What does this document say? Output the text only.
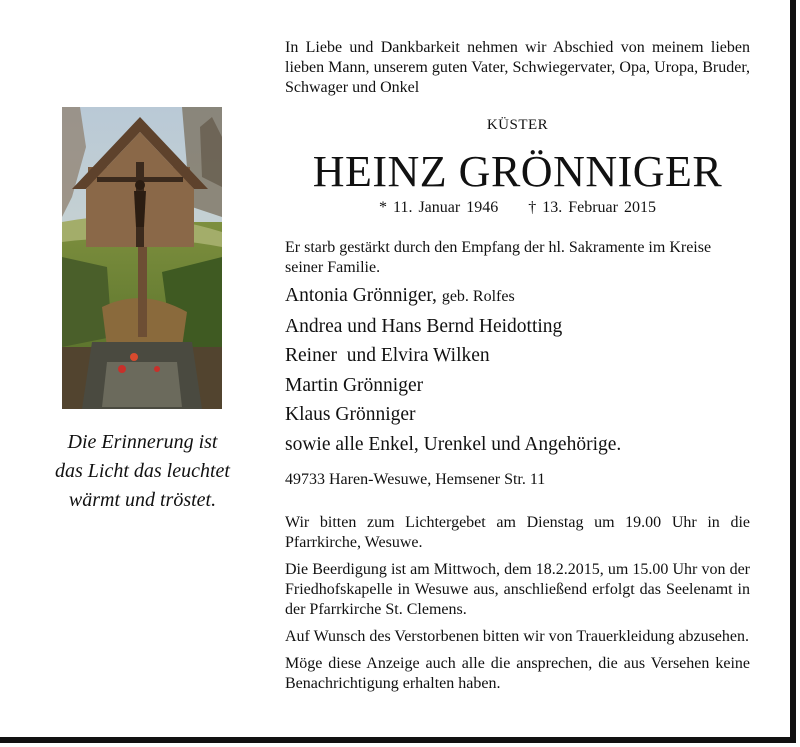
Die Erinnerung ist
das Licht das leuchtet
wärmt und tröstet.
In Liebe und Dankbarkeit nehmen wir Abschied von meinem lieben lieben Mann, unserem guten Vater, Schwiegervater, Opa, Uropa, Bruder, Schwager und Onkel
KÜSTER
HEINZ GRÖNNIGER
* 11. Januar 1946 † 13. Februar 2015
Er starb gestärkt durch den Empfang der hl. Sakramente im Kreise seiner Familie.
Antonia Grönniger, geb. Rolfes
Andrea und Hans Bernd Heidotting
Reiner  und Elvira Wilken
Martin Grönniger
Klaus Grönniger
sowie alle Enkel, Urenkel und Angehörige.
49733 Haren-Wesuwe, Hemsener Str. 11

Wir bitten zum Lichtergebet am Dienstag um 19.00 Uhr in die Pfarrkirche, Wesuwe.

Die Beerdigung ist am Mittwoch, dem 18.2.2015, um 15.00 Uhr von der Friedhofskapelle in Wesuwe aus, anschließend erfolgt das Seelenamt in der Pfarrkirche St. Clemens.

Auf Wunsch des Verstorbenen bitten wir von Trauerkleidung abzusehen.

Möge diese Anzeige auch alle die ansprechen, die aus Versehen keine Benachrichtigung erhalten haben.
